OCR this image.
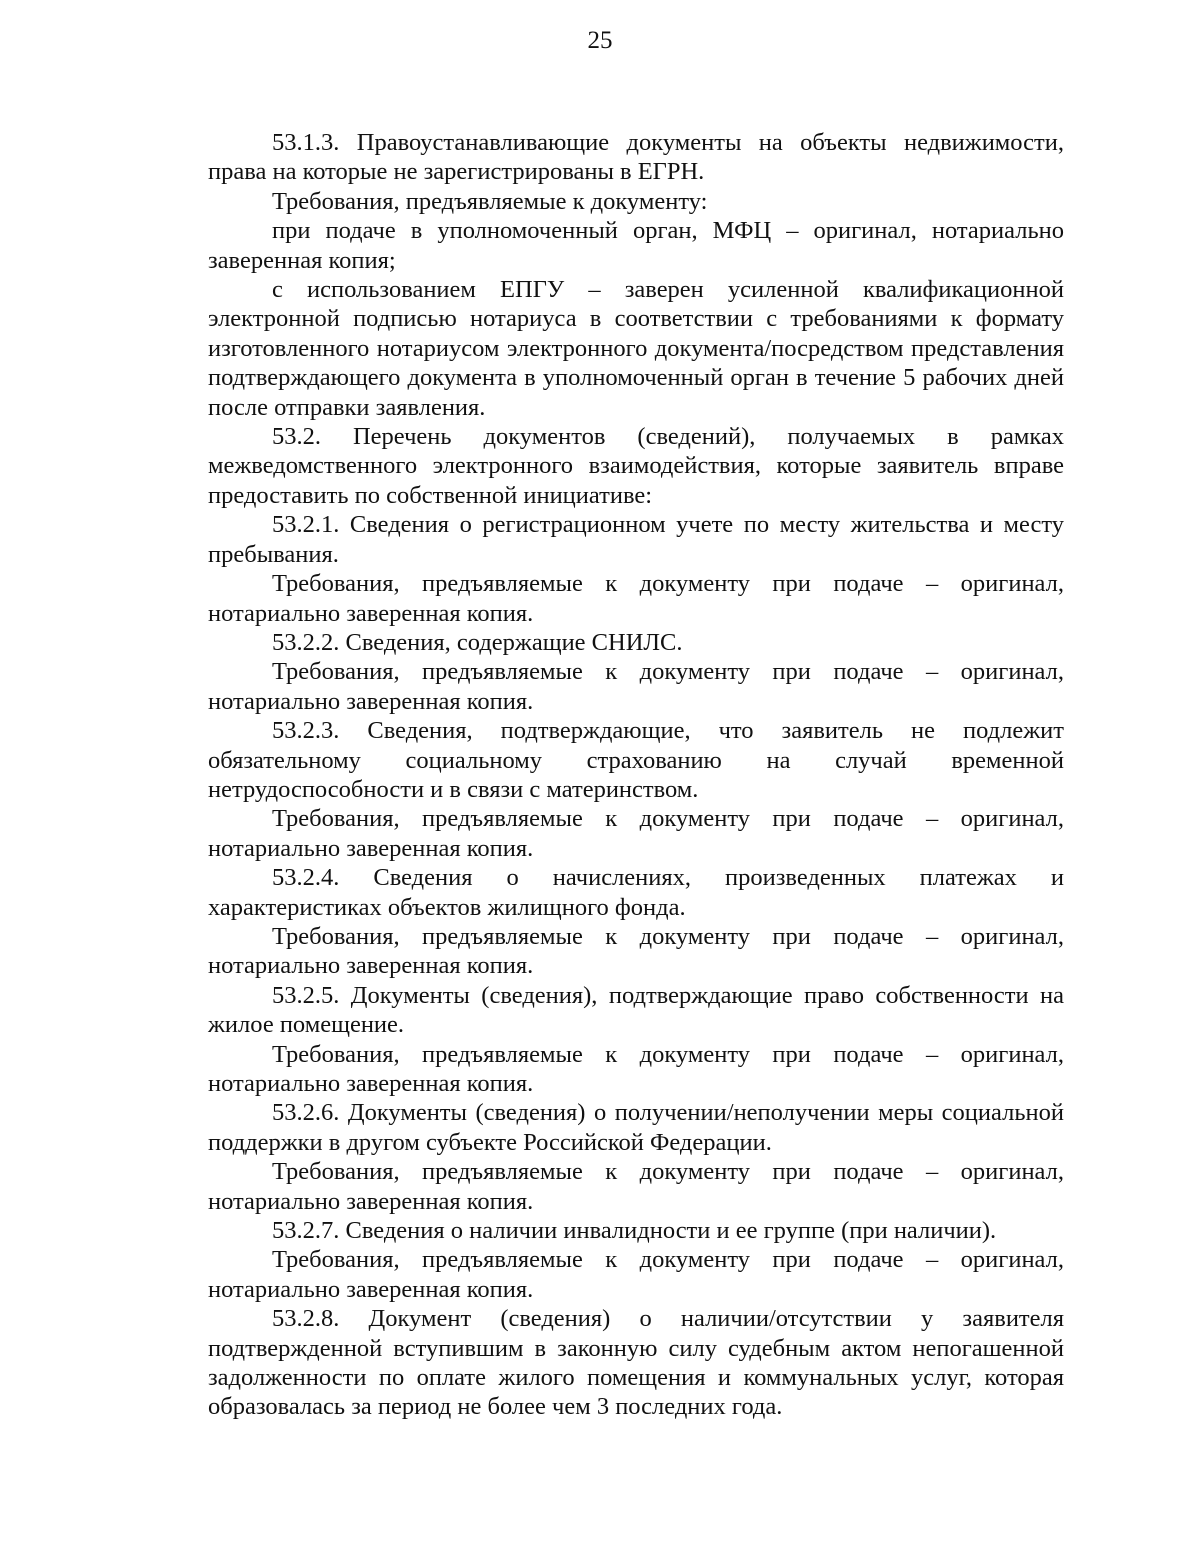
25

53.1.3. Правоустанавливающие документы на объекты недвижимости, права на которые не зарегистрированы в ЕГРН.

Требования, предъявляемые к документу:

при подаче в уполномоченный орган, МФЦ – оригинал, нотариально заверенная копия;

с использованием ЕПГУ – заверен усиленной квалификационной электронной подписью нотариуса в соответствии с требованиями к формату изготовленного нотариусом электронного документа/посредством представления подтверждающего документа в уполномоченный орган в течение 5 рабочих дней после отправки заявления.

53.2. Перечень документов (сведений), получаемых в рамках межведомственного электронного взаимодействия, которые заявитель вправе предоставить по собственной инициативе:

53.2.1. Сведения о регистрационном учете по месту жительства и месту пребывания.

Требования, предъявляемые к документу при подаче – оригинал, нотариально заверенная копия.

53.2.2. Сведения, содержащие СНИЛС.

Требования, предъявляемые к документу при подаче – оригинал, нотариально заверенная копия.

53.2.3. Сведения, подтверждающие, что заявитель не подлежит обязательному социальному страхованию на случай временной нетрудоспособности и в связи с материнством.

Требования, предъявляемые к документу при подаче – оригинал, нотариально заверенная копия.

53.2.4. Сведения о начислениях, произведенных платежах и характеристиках объектов жилищного фонда.

Требования, предъявляемые к документу при подаче – оригинал, нотариально заверенная копия.

53.2.5. Документы (сведения), подтверждающие право собственности на жилое помещение.

Требования, предъявляемые к документу при подаче – оригинал, нотариально заверенная копия.

53.2.6. Документы (сведения) о получении/неполучении меры социальной поддержки в другом субъекте Российской Федерации.

Требования, предъявляемые к документу при подаче – оригинал, нотариально заверенная копия.

53.2.7. Сведения о наличии инвалидности и ее группе (при наличии).

Требования, предъявляемые к документу при подаче – оригинал, нотариально заверенная копия.

53.2.8. Документ (сведения) о наличии/отсутствии у заявителя подтвержденной вступившим в законную силу судебным актом непогашенной задолженности по оплате жилого помещения и коммунальных услуг, которая образовалась за период не более чем 3 последних года.
